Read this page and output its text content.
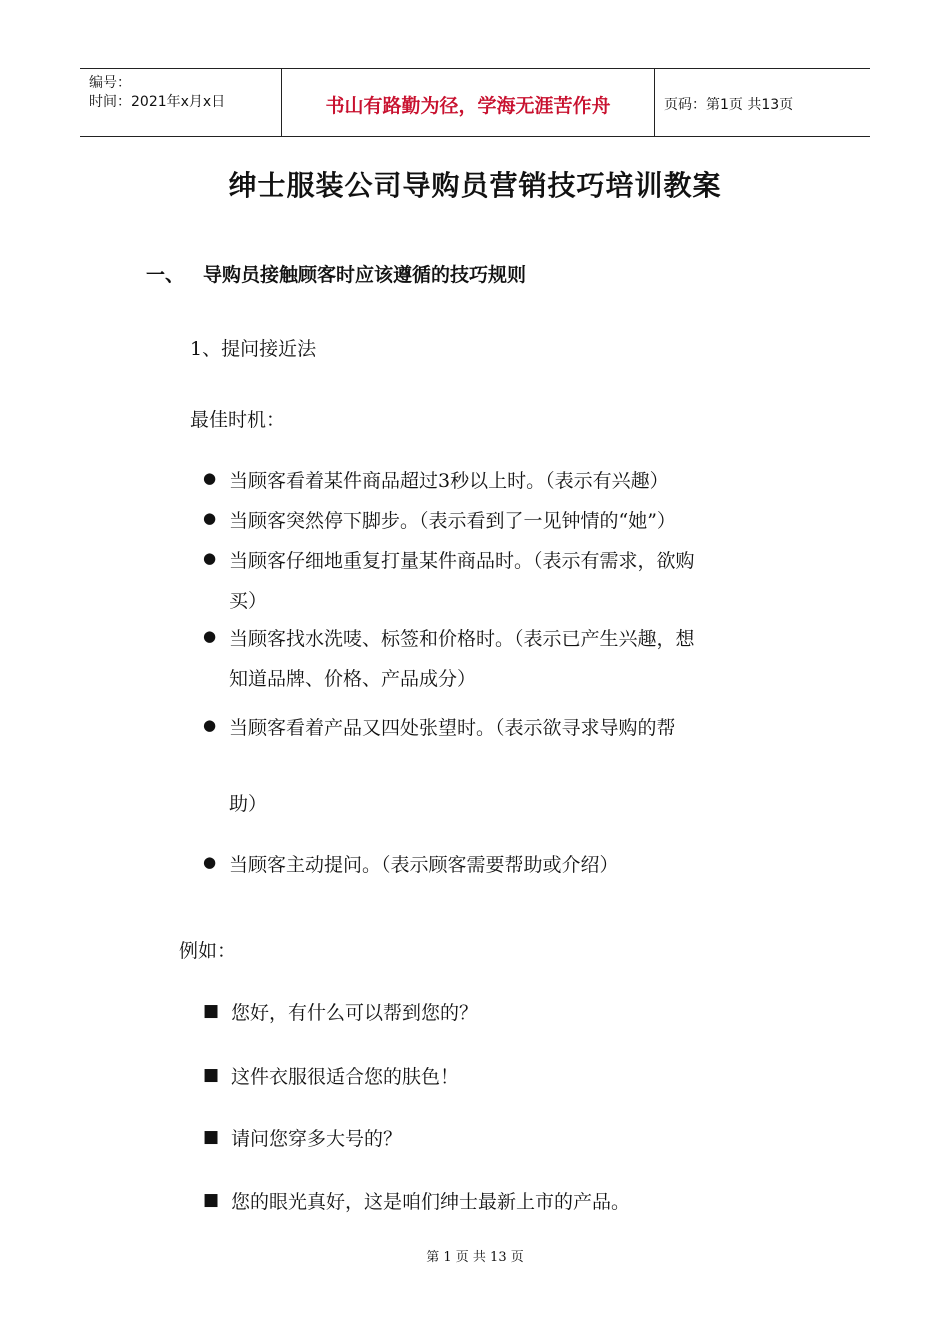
编号：
时间：2021年x月x日	书山有路勤为径，学海无涯苦作舟	页码：第1页 共13页
绅士服装公司导购员营销技巧培训教案
一、 导购员接触顾客时应该遵循的技巧规则
1、提问接近法
最佳时机：
● 当顾客看着某件商品超过3秒以上时。（表示有兴趣）
● 当顾客突然停下脚步。（表示看到了一见钟情的“她”）
● 当顾客仔细地重复打量某件商品时。（表示有需求，欲购
买）
● 当顾客找水洗唛、标签和价格时。（表示已产生兴趣，想
知道品牌、价格、产品成分）
● 当顾客看着产品又四处张望时。（表示欲寻求导购的帮
助）
● 当顾客主动提问。（表示顾客需要帮助或介绍）
例如：
■ 您好，有什么可以帮到您的？
■ 这件衣服很适合您的肤色！
■ 请问您穿多大号的？
■ 您的眼光真好，这是咱们绅士最新上市的产品。
第 1 页 共 13 页
